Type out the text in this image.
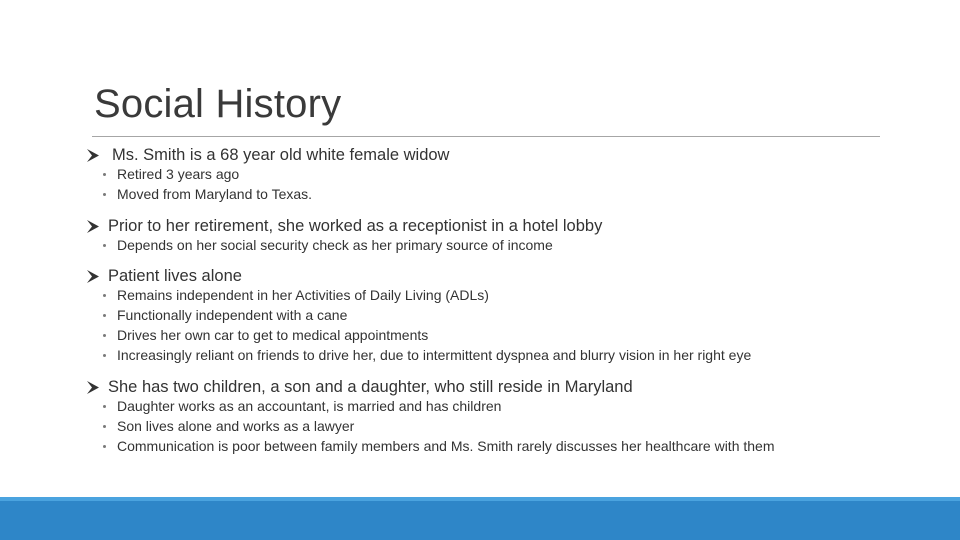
Social History
Ms. Smith is a 68 year old white female widow
Retired 3 years ago
Moved from Maryland to Texas.
Prior to her retirement, she worked as a receptionist in a hotel lobby
Depends on her social security check as her primary source of income
Patient lives alone
Remains independent in her Activities of Daily Living (ADLs)
Functionally independent with a cane
Drives her own car to get to medical appointments
Increasingly reliant on friends to drive her, due to intermittent dyspnea and blurry vision in her right eye
She has two children, a son and a daughter, who still reside in Maryland
Daughter works as an accountant, is married and has children
Son lives alone and works as a lawyer
Communication is poor between family members and Ms. Smith rarely discusses her healthcare with them
